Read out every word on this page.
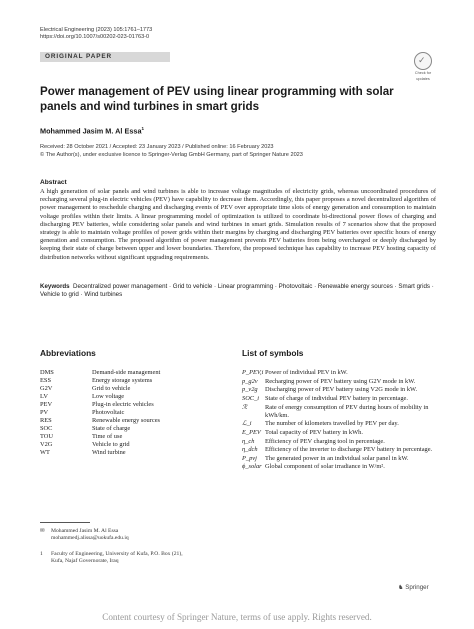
Electrical Engineering (2023) 105:1761–1773
https://doi.org/10.1007/s00202-023-01763-0
ORIGINAL PAPER	✓
Check for
updates
Power management of PEV using linear programming with solar panels and wind turbines in smart grids
Mohammed Jasim M. Al Essa$^1$
Received: 28 October 2021 / Accepted: 23 January 2023 / Published online: 16 February 2023
© The Author(s), under exclusive licence to Springer-Verlag GmbH Germany, part of Springer Nature 2023
Abstract
A high generation of solar panels and wind turbines is able to increase voltage magnitudes of electricity grids, whereas uncoordinated procedures of recharging several plug-in electric vehicles (PEV) have capability to decrease them. Accordingly, this paper proposes a novel decentralized algorithm of power management to reschedule charging and discharging events of PEV over appropriate time slots of energy generation and consumption to maintain voltage profiles within their limits. A linear programming model of optimization is utilized to coordinate bi-directional power flows of charging and discharging PEV batteries, while considering solar panels and wind turbines in smart grids. Simulation results of 7 scenarios show that the proposed strategy is able to maintain voltage profiles of power grids within their margins by charging and discharging PEV batteries over specific hours of energy generation and consumption. The proposed algorithm of power management prevents PEV batteries from being overcharged or deeply discharged by keeping their state of charge between upper and lower boundaries. Therefore, the proposed technique has capability to increase PEV hosting capacity of distribution networks without significant upgrading requirements.
Keywords Decentralized power management · Grid to vehicle · Linear programming · Photovoltaic · Renewable energy sources · Smart grids · Vehicle to grid · Wind turbines
Abbreviations
DMS	Demand-side management
ESS	Energy storage systems
G2V	Grid to vehicle
LV	Low voltage
PEV	Plug-in electric vehicles
PV	Photovoltaic
RES	Renewable energy sources
SOC	State of charge
TOU	Time of use
V2G	Vehicle to grid
WT	Wind turbine
List of symbols
P_PEV,i Power of individual PEV in kW.
p_g2v	Recharging power of PEV battery using G2V mode in kW.
p_v2g	Discharging power of PEV battery using V2G mode in kW.
SOC_i State of charge of individual PEV battery in percentage.
ℛ	Rate of energy consumption of PEV during hours of mobility in kWh/km.
ℒ_i	The number of kilometers travelled by PEV per day.
E_PEV Total capacity of PEV battery in kWh.
η_ch	Efficiency of PEV charging tool in percentage.
η_dch	Efficiency of the inverter to discharge PEV battery in percentage.
P_pvj	The generated power in an individual solar panel in kW.
ϕ_solar Global component of solar irradiance in W/m².
✉ Mohammed Jasim M. Al Essa
mohammedj.alissa@uokufa.edu.iq
1 Faculty of Engineering, University of Kufa, P.O. Box (21),
Kufa, Najaf Governorate, Iraq
♞ Springer
Content courtesy of Springer Nature, terms of use apply. Rights reserved.
